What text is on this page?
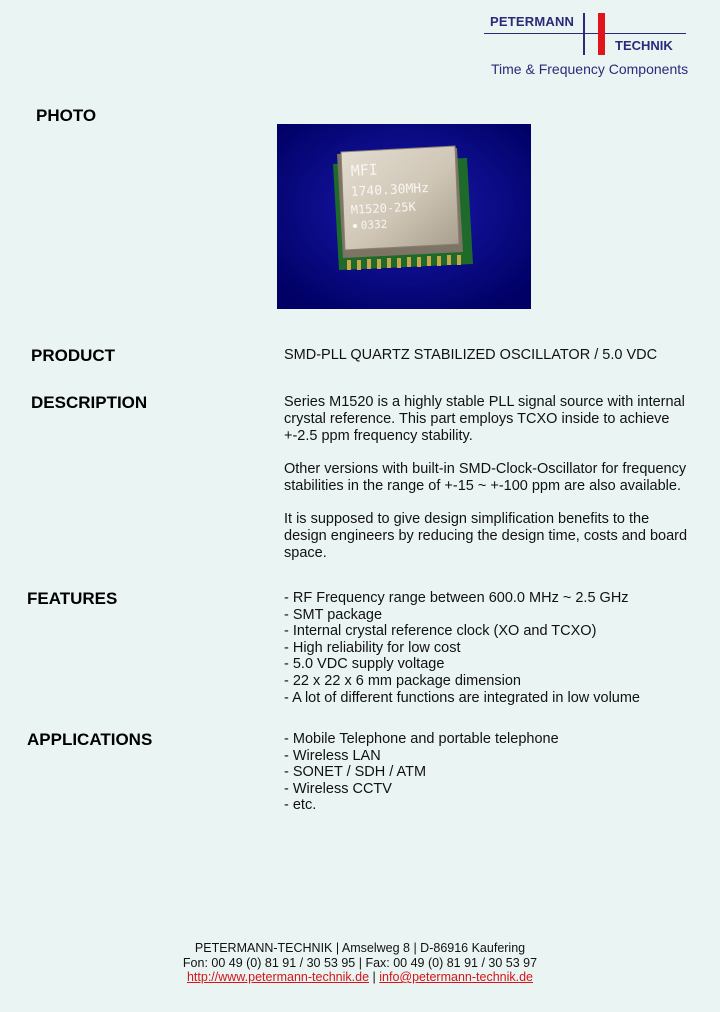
PETERMANN
TECHNIK
Time & Frequency Components
PHOTO
MFI
1740.30MHz
M1520-25K
0332
PRODUCT	SMD-PLL QUARTZ STABILIZED OSCILLATOR / 5.0 VDC
DESCRIPTION	Series M1520 is a highly stable PLL signal source with internal
crystal reference. This part employs TCXO inside to achieve
+-2.5 ppm frequency stability.

Other versions with built-in SMD-Clock-Oscillator for frequency
stabilities in the range of +-15 ~ +-100 ppm are also available.

It is supposed to give design simplification benefits to the
design engineers by reducing the design time, costs and board
space.

FEATURES	- RF Frequency range between 600.0 MHz ~ 2.5 GHz
- SMT package
- Internal crystal reference clock (XO and TCXO)
- High reliability for low cost
- 5.0 VDC supply voltage
- 22 x 22 x 6 mm package dimension
- A lot of different functions are integrated in low volume
APPLICATIONS	- Mobile Telephone and portable telephone
- Wireless LAN
- SONET / SDH / ATM
- Wireless CCTV
- etc.
PETERMANN-TECHNIK | Amselweg 8 | D-86916 Kaufering
Fon: 00 49 (0) 81 91 / 30 53 95 | Fax: 00 49 (0) 81 91 / 30 53 97
http://www.petermann-technik.de | info@petermann-technik.de
